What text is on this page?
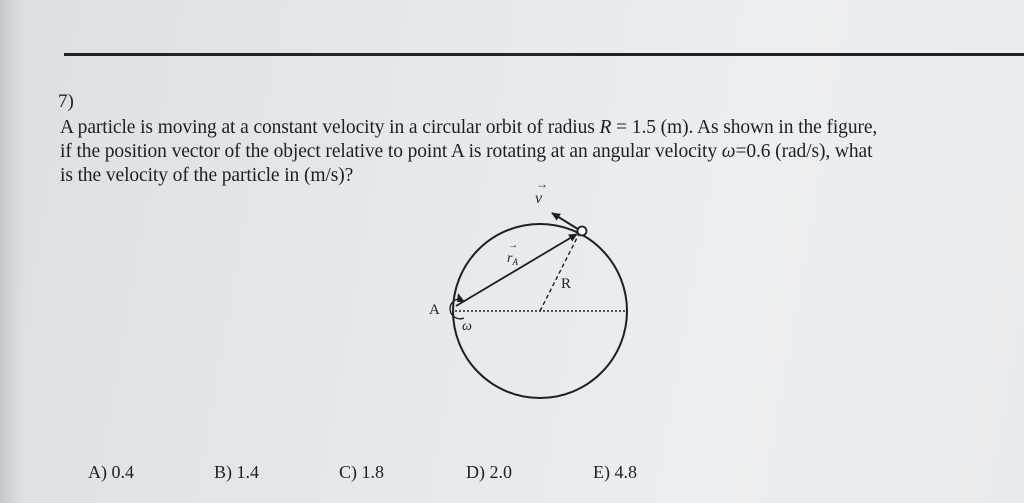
7)
A particle is moving at a constant velocity in a circular orbit of radius R = 1.5 (m). As shown in the figure,
if the position vector of the object relative to point A is rotating at an angular velocity ω=0.6 (rad/s), what
is the velocity of the particle in (m/s)?	→
v
→
$r_A$
R
A
ω
A) 0.4	B) 1.4	C) 1.8	D) 2.0	E) 4.8
